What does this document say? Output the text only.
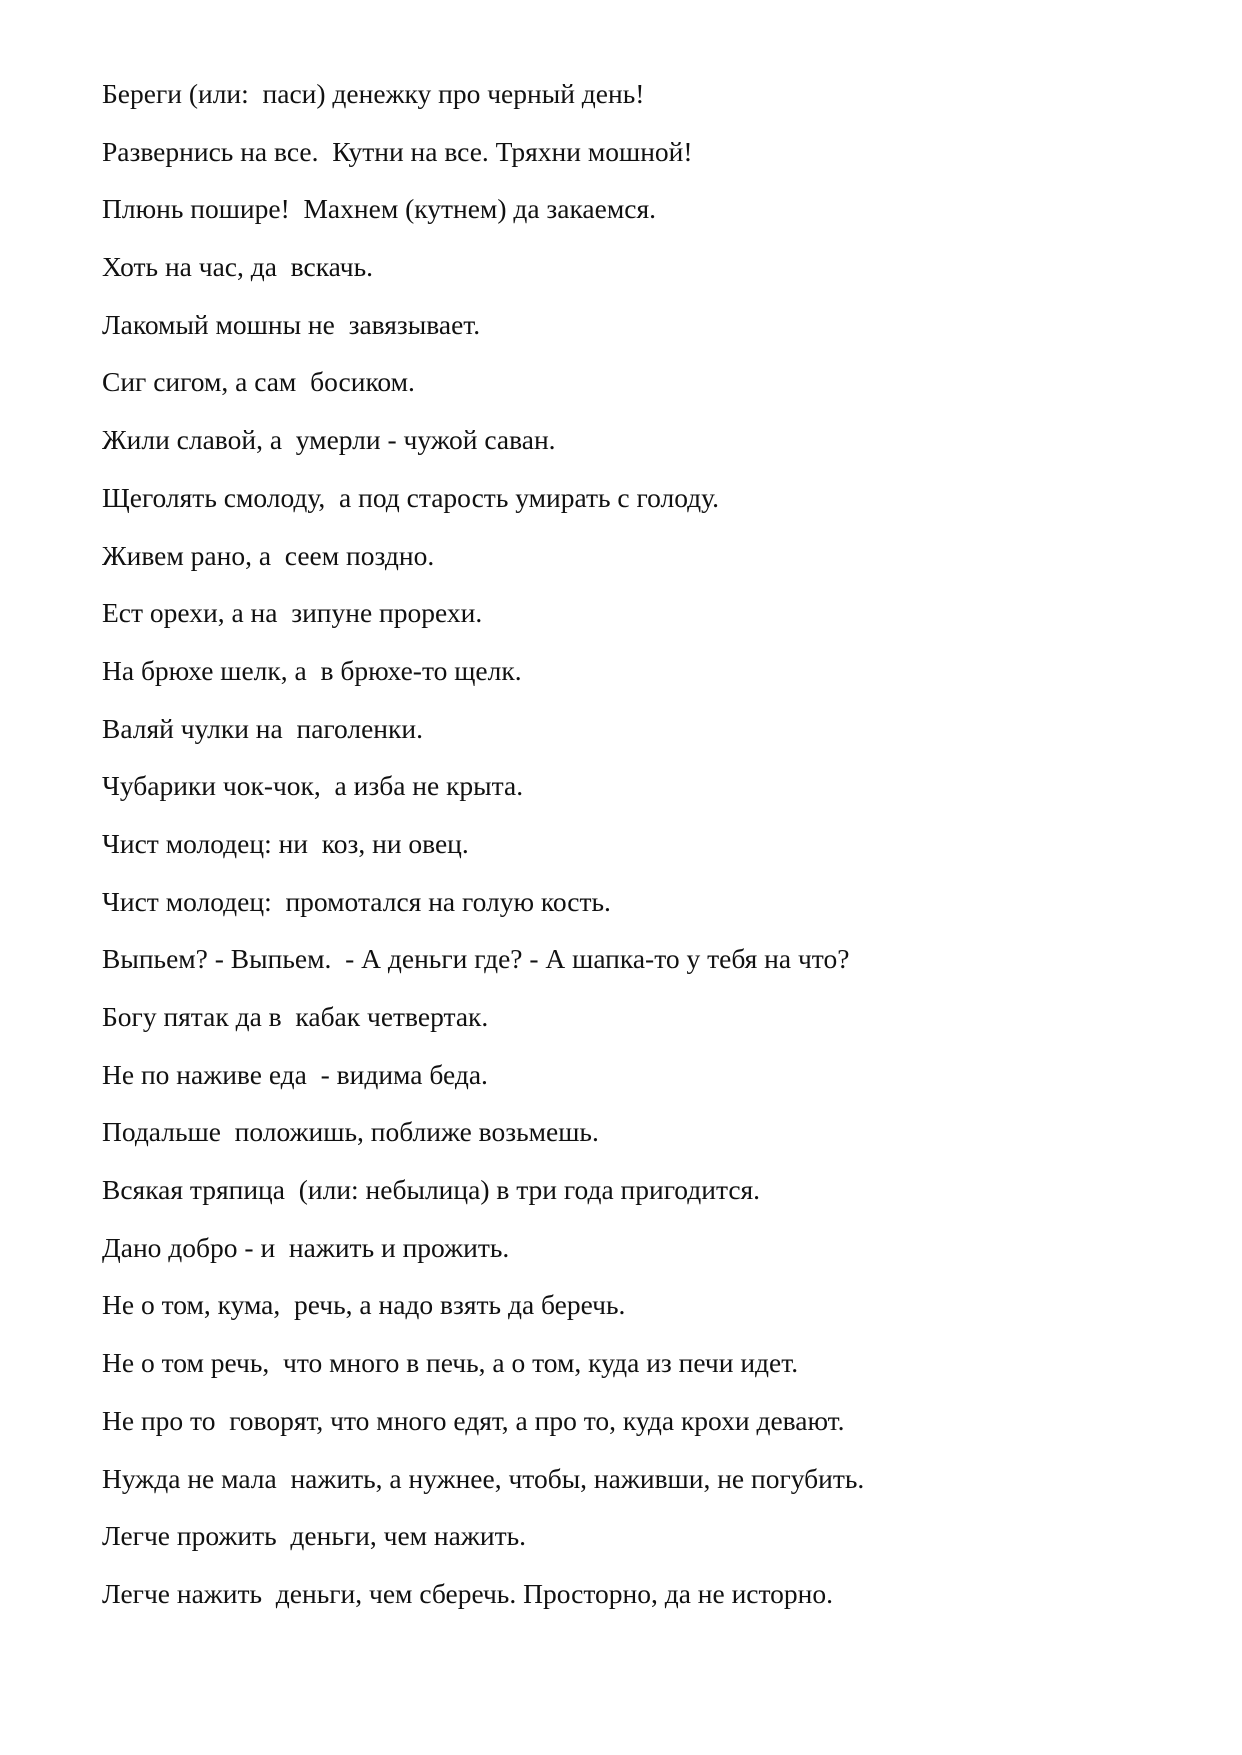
Береги (или:  паси) денежку про черный день!

Развернись на все.  Кутни на все. Тряхни мошной!

Плюнь пошире!  Махнем (кутнем) да закаемся.

Хоть на час, да  вскачь.

Лакомый мошны не  завязывает.

Сиг сигом, а сам  босиком.

Жили славой, а  умерли - чужой саван.

Щеголять смолоду,  а под старость умирать с голоду.

Живем рано, а  сеем поздно.

Ест орехи, а на  зипуне прорехи.

На брюхе шелк, а  в брюхе-то щелк.

Валяй чулки на  паголенки.

Чубарики чок-чок,  а изба не крыта.

Чист молодец: ни  коз, ни овец.

Чист молодец:  промотался на голую кость.

Выпьем? - Выпьем.  - А деньги где? - А шапка-то у тебя на что?

Богу пятак да в  кабак четвертак.

Не по наживе еда  - видима беда.

Подальше  положишь, поближе возьмешь.

Всякая тряпица  (или: небылица) в три года пригодится.

Дано добро - и  нажить и прожить.

Не о том, кума,  речь, а надо взять да беречь.

Не о том речь,  что много в печь, а о том, куда из печи идет.

Не про то  говорят, что много едят, а про то, куда крохи девают.

Нужда не мала  нажить, а нужнее, чтобы, наживши, не погубить.

Легче прожить  деньги, чем нажить.

Легче нажить  деньги, чем сберечь. Просторно, да не исторно.
